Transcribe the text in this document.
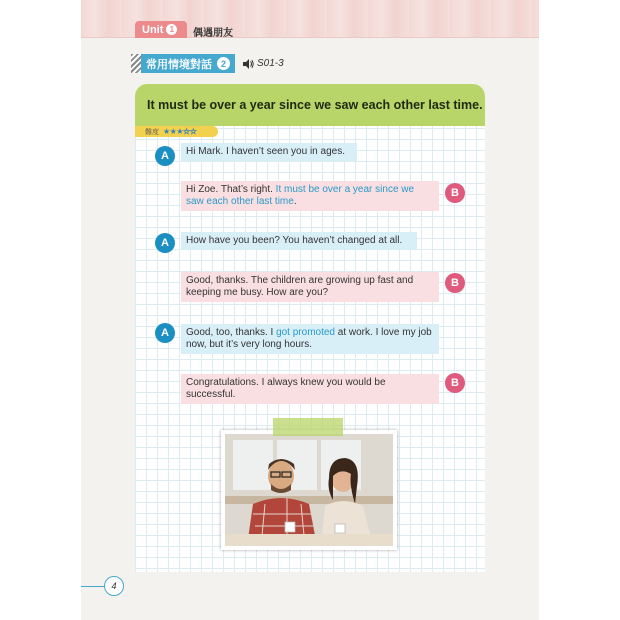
Unit 1	偶遇朋友
常用情境對話 2	S01-3
It must be over a year since we saw each other last time.
難度 ★★★☆☆
A	Hi Mark. I haven’t seen you in ages.
Hi Zoe. That’s right. It must be over a year since we saw each other last time.
B
A	How have you been? You haven’t changed at all.
Good, thanks. The children are growing up fast and keeping me busy. How are you?
B
A	Good, too, thanks. I got promoted at work. I love my job now, but it’s very long hours.
Congratulations. I always knew you would be successful.
B
4
